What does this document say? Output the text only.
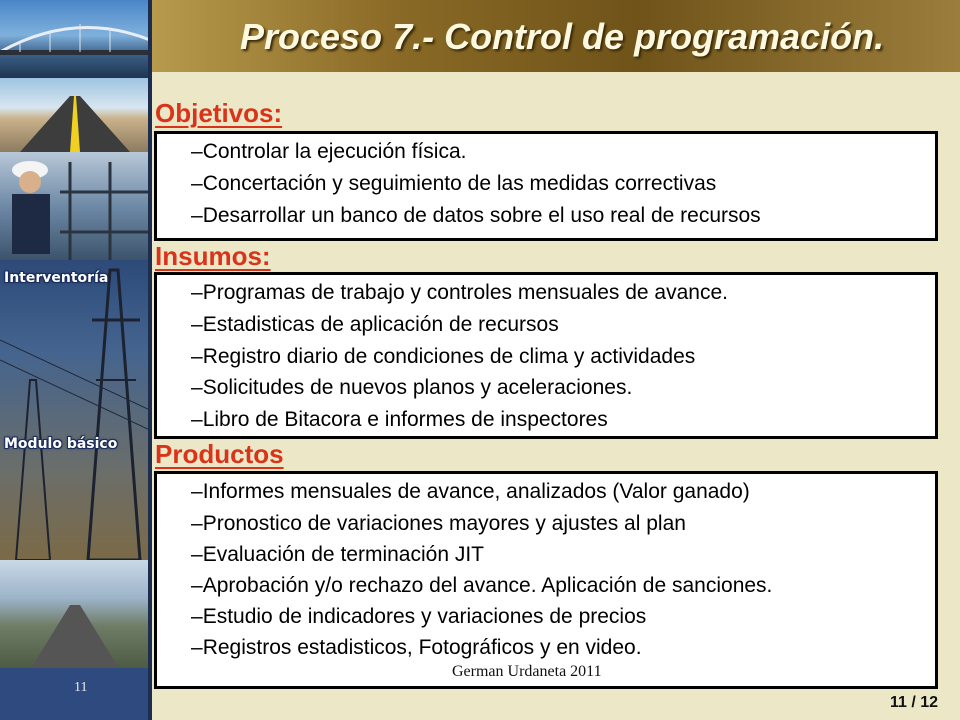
Interventoría
Modulo básico
11
Proceso 7.- Control de programación.
Objetivos:
– Controlar la ejecución física.
– Concertación y seguimiento de las medidas correctivas
– Desarrollar un banco de datos sobre el uso real de recursos
Insumos:
– Programas de trabajo y controles mensuales de avance.
– Estadisticas de aplicación de recursos
– Registro diario de condiciones de clima y actividades
– Solicitudes de nuevos planos y aceleraciones.
– Libro de Bitacora e informes de inspectores
Productos
– Informes mensuales de avance, analizados (Valor ganado)
– Pronostico de variaciones mayores y ajustes al plan
– Evaluación de terminación JIT
– Aprobación y/o rechazo del avance. Aplicación de sanciones.
– Estudio de indicadores y variaciones de precios
– Registros estadisticos, Fotográficos y en video.
German Urdaneta 2011
11 / 12
